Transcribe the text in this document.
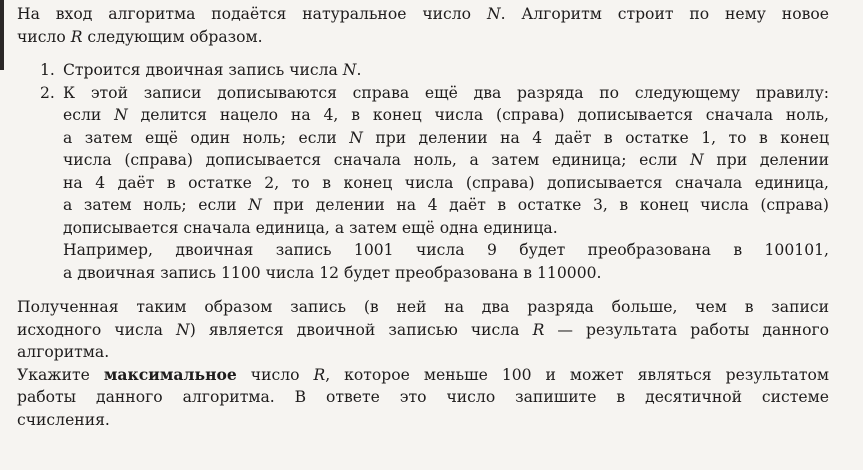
На вход алгоритма подаётся натуральное число N. Алгоритм строит по нему новое

число R следующим образом.

1. Строится двоичная запись числа N.

2. К этой записи дописываются справа ещё два разряда по следующему правилу:

если N делится нацело на 4, в конец числа (справа) дописывается сначала ноль,

а затем ещё один ноль; если N при делении на 4 даёт в остатке 1, то в конец

числа (справа) дописывается сначала ноль, а затем единица; если N при делении

на 4 даёт в остатке 2, то в конец числа (справа) дописывается сначала единица,

а затем ноль; если N при делении на 4 даёт в остатке 3, в конец числа (справа)

дописывается сначала единица, а затем ещё одна единица.

Например, двоичная запись 1001 числа 9 будет преобразована в 100101,

а двоичная запись 1100 числа 12 будет преобразована в 110000.

Полученная таким образом запись (в ней на два разряда больше, чем в записи

исходного числа N) является двоичной записью числа R — результата работы данного

алгоритма.

Укажите максимальное число R, которое меньше 100 и может являться результатом

работы данного алгоритма. В ответе это число запишите в десятичной системе

счисления.
